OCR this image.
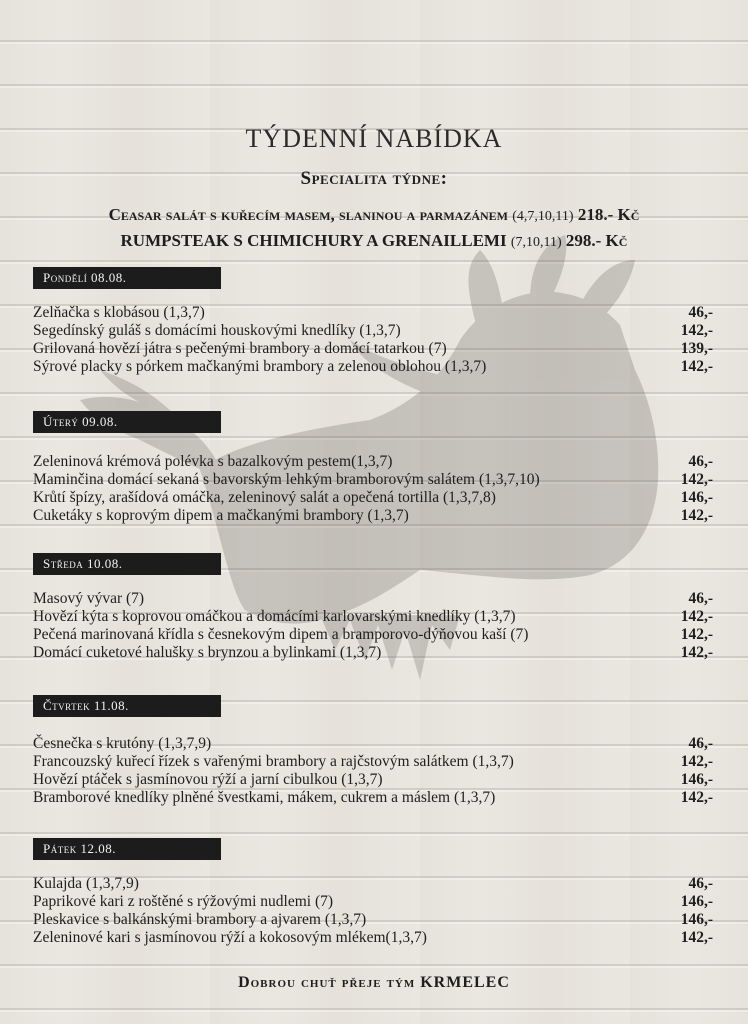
TÝDENNÍ NABÍDKA
Specialita týdne:
Ceasar salát s kuřecím masem, slaninou a parmazánem (4,7,10,11) 218.- Kč
RUMPSTEAK S CHIMICHURY A GRENAILLEMI (7,10,11) 298.- Kč
Pondělí 08.08.
Zelňačka s klobásou (1,3,7)	46,-
Segedínský guláš s domácími houskovými knedlíky (1,3,7)	142,-
Grilovaná hovězí játra s pečenými brambory a domácí tatarkou (7)	139,-
Sýrové placky s pórkem mačkanými brambory a zelenou oblohou (1,3,7)	142,-
Úterý 09.08.
Zeleninová krémová polévka s bazalkovým pestem(1,3,7)	46,-
Maminčina domácí sekaná s bavorským lehkým bramborovým salátem (1,3,7,10)	142,-
Krůtí špízy, arašídová omáčka, zeleninový salát a opečená tortilla (1,3,7,8)	146,-
Cuketáky s koprovým dipem a mačkanými brambory (1,3,7)	142,-
Středa 10.08.
Masový vývar (7)	46,-
Hovězí kýta s koprovou omáčkou a domácími karlovarskými knedlíky (1,3,7)	142,-
Pečená marinovaná křídla s česnekovým dipem a bramporovo-dýňovou kaší (7)	142,-
Domácí cuketové halušky s brynzou a bylinkami (1,3,7)	142,-
Čtvrtek 11.08.
Česnečka s krutóny (1,3,7,9)	46,-
Francouzský kuřecí řízek s vařenými brambory a rajčstovým salátkem (1,3,7)	142,-
Hovězí ptáček s jasmínovou rýží a jarní cibulkou (1,3,7)	146,-
Bramborové knedlíky plněné švestkami, mákem, cukrem a máslem (1,3,7)	142,-
Pátek 12.08.
Kulajda (1,3,7,9)	46,-
Paprikové kari z roštěné s rýžovými nudlemi (7)	146,-
Pleskavice s balkánskými brambory a ajvarem (1,3,7)	146,-
Zeleninové kari s jasmínovou rýží a kokosovým mlékem(1,3,7)	142,-
Dobrou chuť přeje tým KRMELEC
